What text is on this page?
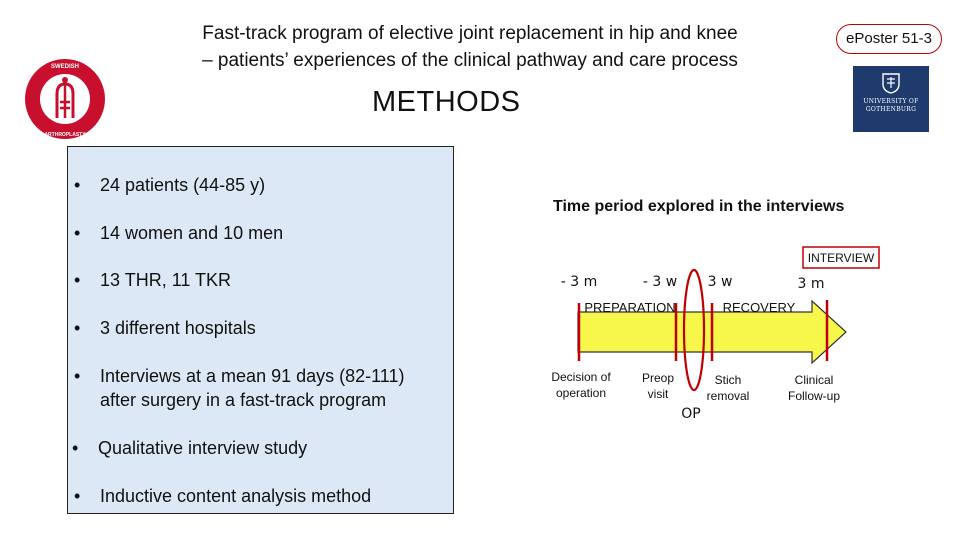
Fast-track program of elective joint replacement in hip and knee
– patients’ experiences of the clinical pathway and care process
ePoster 51-3
SWEDISH
ARTHROPLASTY
UNIVERSITY OF
GOTHENBURG
METHODS
• 24 patients (44-85 y)
• 14 women and 10 men
• 13 THR, 11 TKR
• 3 different hospitals
• Interviews at a mean 91 days (82-111)
after surgery in a fast-track program
• Qualitative interview study
• Inductive content analysis method
Time period explored in the interviews
INTERVIEW
- 3 m	- 3 w 3 w	3 m
PREPARATION	RECOVERY
Decision of
operation
Preop
visit
Stich
removal
Clinical
Follow-up
OP
